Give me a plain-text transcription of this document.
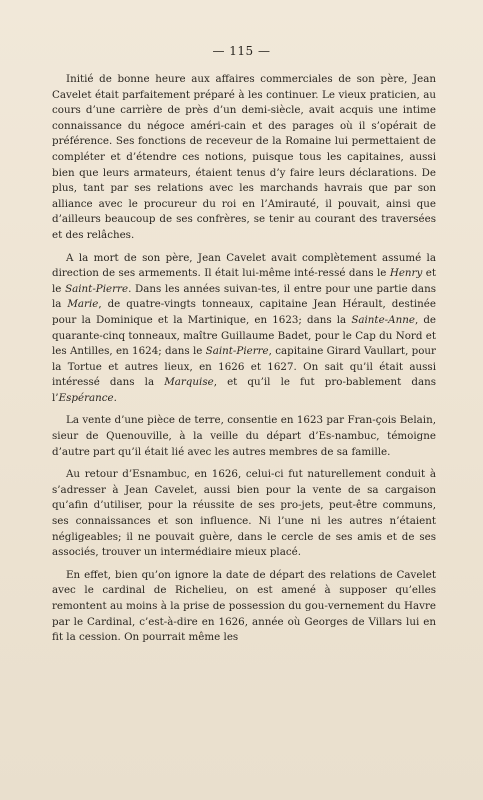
— 115 —

Initié de bonne heure aux affaires commerciales de son père, Jean Cavelet était parfaitement préparé à les continuer. Le vieux praticien, au cours d’une carrière de près d’un demi-siècle, avait acquis une intime connaissance du négoce améri-cain et des parages où il s’opérait de préférence. Ses fonctions de receveur de la Romaine lui permettaient de compléter et d’étendre ces notions, puisque tous les capitaines, aussi bien que leurs armateurs, étaient tenus d’y faire leurs déclarations. De plus, tant par ses relations avec les marchands havrais que par son alliance avec le procureur du roi en l’Amirauté, il pouvait, ainsi que d’ailleurs beaucoup de ses confrères, se tenir au courant des traversées et des relâches.

A la mort de son père, Jean Cavelet avait complètement assumé la direction de ses armements. Il était lui-même inté-ressé dans le Henry et le Saint-Pierre. Dans les années suivan-tes, il entre pour une partie dans la Marie, de quatre-vingts tonneaux, capitaine Jean Hérault, destinée pour la Dominique et la Martinique, en 1623; dans la Sainte-Anne, de quarante-cinq tonneaux, maître Guillaume Badet, pour le Cap du Nord et les Antilles, en 1624; dans le Saint-Pierre, capitaine Girard Vaullart, pour la Tortue et autres lieux, en 1626 et 1627. On sait qu’il était aussi intéressé dans la Marquise, et qu’il le fut pro-bablement dans l’Espérance.

La vente d’une pièce de terre, consentie en 1623 par Fran-çois Belain, sieur de Quenouville, à la veille du départ d’Es-nambuc, témoigne d’autre part qu’il était lié avec les autres membres de sa famille.

Au retour d’Esnambuc, en 1626, celui-ci fut naturellement conduit à s’adresser à Jean Cavelet, aussi bien pour la vente de sa cargaison qu’afin d’utiliser, pour la réussite de ses pro-jets, peut-être communs, ses connaissances et son influence. Ni l’une ni les autres n’étaient négligeables; il ne pouvait guère, dans le cercle de ses amis et de ses associés, trouver un intermédiaire mieux placé.

En effet, bien qu’on ignore la date de départ des relations de Cavelet avec le cardinal de Richelieu, on est amené à supposer qu’elles remontent au moins à la prise de possession du gou-vernement du Havre par le Cardinal, c’est-à-dire en 1626, année où Georges de Villars lui en fit la cession. On pourrait même les
